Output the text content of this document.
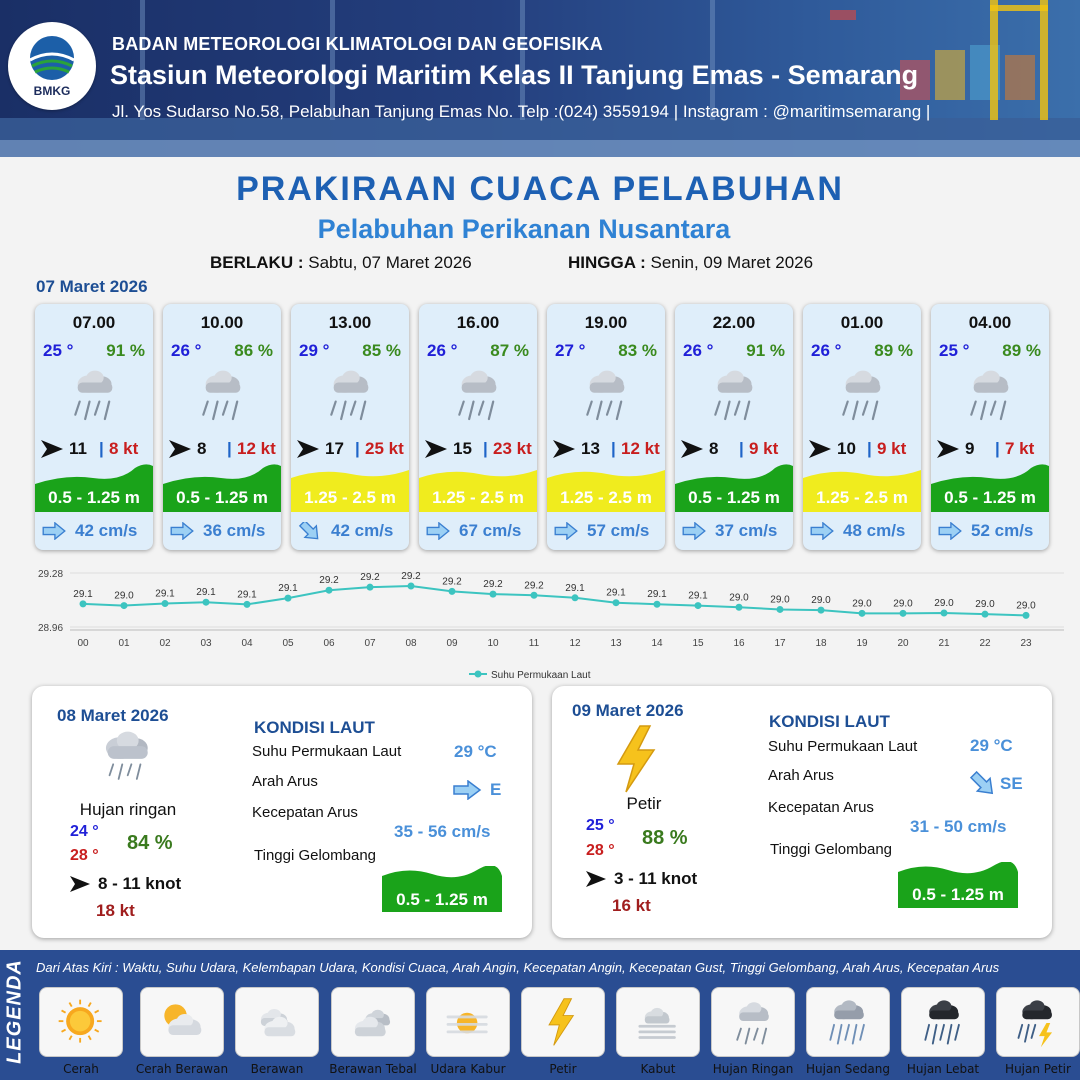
BMKG
BADAN METEOROLOGI KLIMATOLOGI DAN GEOFISIKA
Stasiun Meteorologi Maritim Kelas II Tanjung Emas - Semarang
Jl. Yos Sudarso No.58, Pelabuhan Tanjung Emas No. Telp :(024) 3559194 | Instagram : @maritimsemarang |
PRAKIRAAN CUACA PELABUHAN
Pelabuhan Perikanan Nusantara
BERLAKU : Sabtu, 07 Maret 2026	HINGGA : Senin, 09 Maret 2026
07 Maret 2026
07.00
25 ° 91 %
11 | 8 kt
0.5 - 1.25 m
42 cm/s
10.00
26 ° 86 %
8 | 12 kt
0.5 - 1.25 m
36 cm/s
13.00
29 ° 85 %
17 | 25 kt
1.25 - 2.5 m
42 cm/s
16.00
26 ° 87 %
15 | 23 kt
1.25 - 2.5 m
67 cm/s
19.00
27 ° 83 %
13 | 12 kt
1.25 - 2.5 m
57 cm/s
22.00
26 ° 91 %
8 | 9 kt
0.5 - 1.25 m
37 cm/s
01.00
26 ° 89 %
10 | 9 kt
1.25 - 2.5 m
48 cm/s
04.00
25 ° 89 %
9 | 7 kt
0.5 - 1.25 m
52 cm/s
29.28
28.96
29.1
00
29.0
01
29.1
02
29.1
03
29.1
04
29.1
05
29.2
06
29.2
07
29.2
08
29.2
09
29.2
10
29.2
11
29.1
12
29.1
13
29.1
14
29.1
15
29.0
16
29.0
17
29.0
18
29.0
19
29.0
20
29.0
21
29.0
22
29.0
23
Suhu Permukaan Laut
08 Maret 2026
Hujan ringan
24 °
28 °
84 %
8 - 11 knot
18 kt
KONDISI LAUT
Suhu Permukaan Laut	29 °C
Arah Arus	E
Kecepatan Arus
35 - 56 cm/s
Tinggi Gelombang
0.5 - 1.25 m
09 Maret 2026
Petir
25 °
28 °
88 %
3 - 11 knot
16 kt
KONDISI LAUT
Suhu Permukaan Laut	29 °C
Arah Arus	SE
Kecepatan Arus
31 - 50 cm/s
Tinggi Gelombang
0.5 - 1.25 m
LEGENDA Dari Atas Kiri : Waktu, Suhu Udara, Kelembapan Udara, Kondisi Cuaca, Arah Angin, Kecepatan Angin, Kecepatan Gust, Tinggi Gelombang, Arah Arus, Kecepatan Arus
Cerah	Cerah Berawan	Berawan	Berawan Tebal	Udara Kabur	Petir	Kabut	Hujan Ringan	Hujan Sedang	Hujan Lebat	Hujan Petir
